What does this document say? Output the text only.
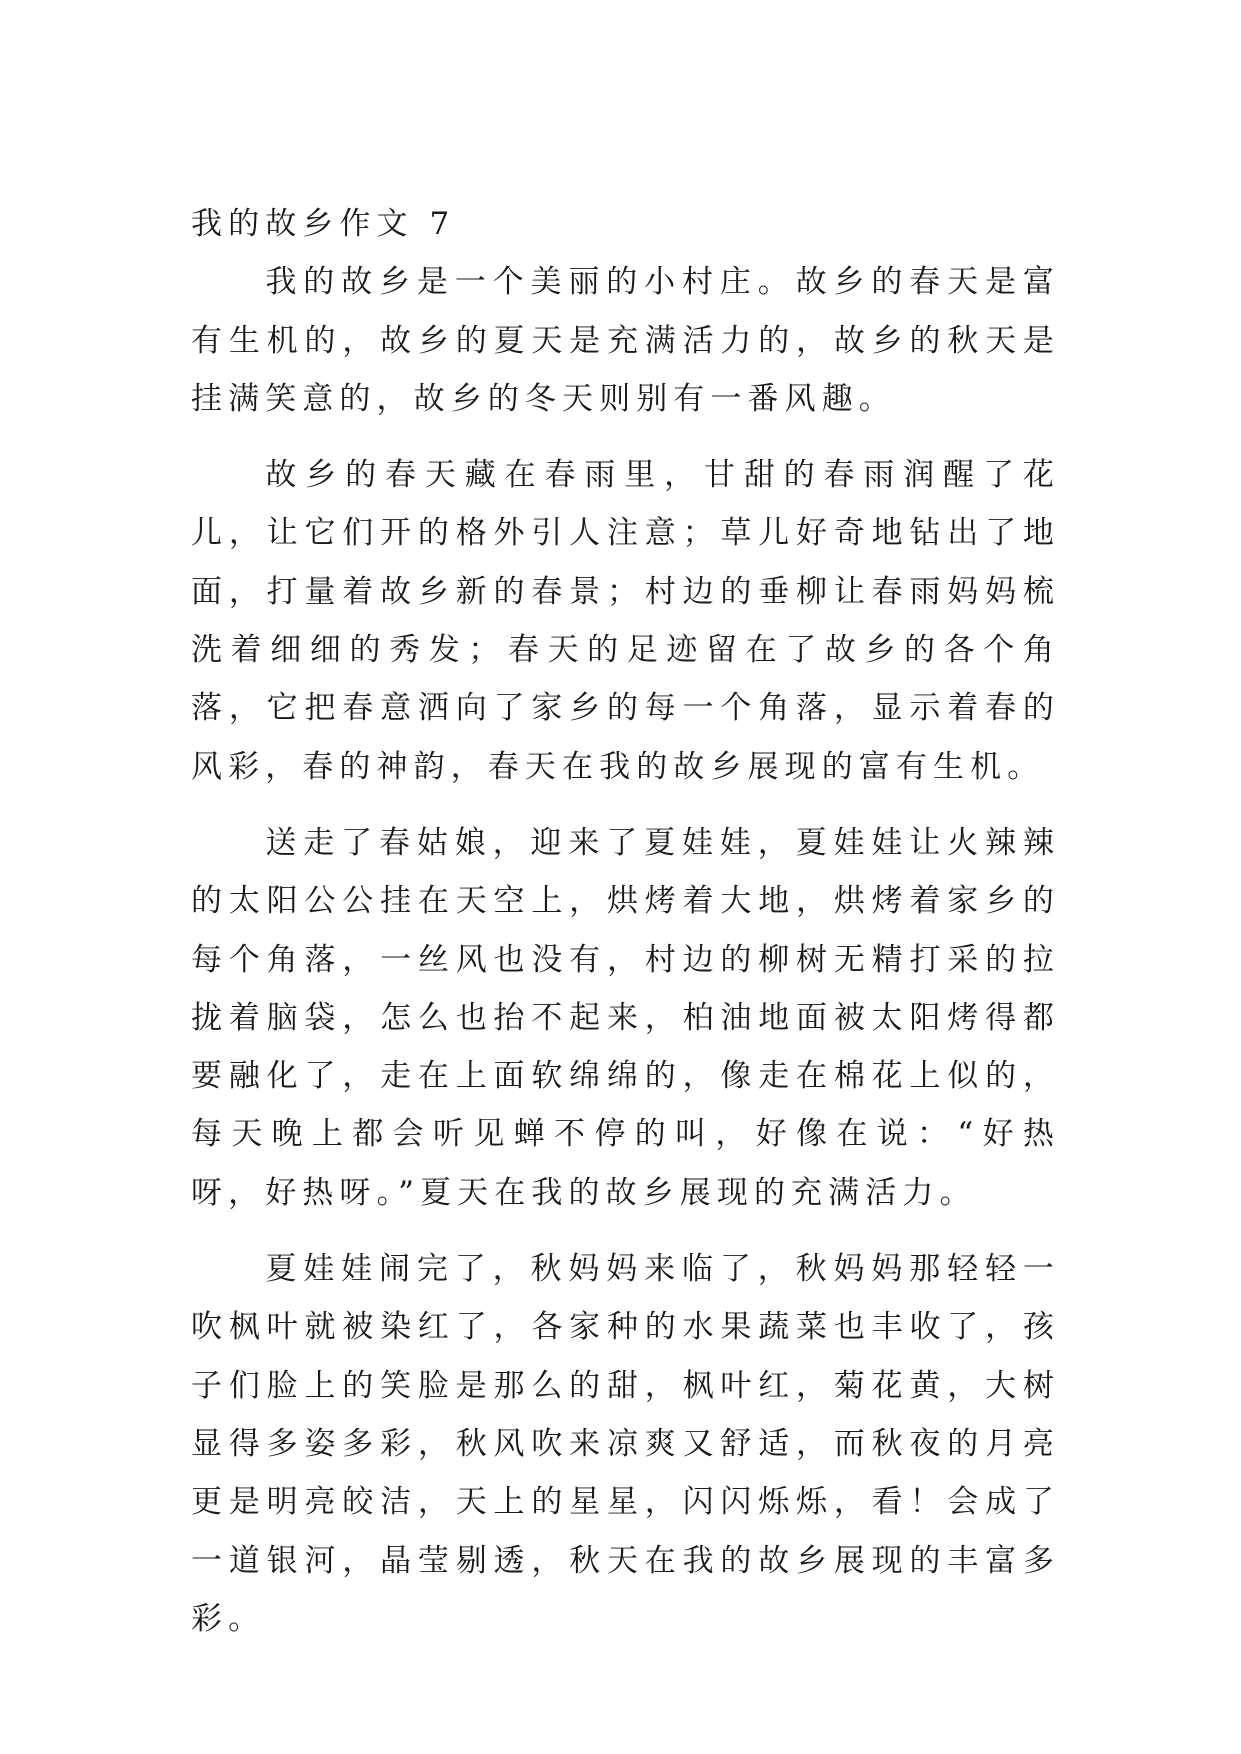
我的故乡作文 7

我的故乡是一个美丽的小村庄。故乡的春天是富有生机的，故乡的夏天是充满活力的，故乡的秋天是挂满笑意的，故乡的冬天则别有一番风趣。

故乡的春天藏在春雨里，甘甜的春雨润醒了花儿，让它们开的格外引人注意；草儿好奇地钻出了地面，打量着故乡新的春景；村边的垂柳让春雨妈妈梳洗着细细的秀发；春天的足迹留在了故乡的各个角落，它把春意洒向了家乡的每一个角落，显示着春的风彩，春的神韵，春天在我的故乡展现的富有生机。

送走了春姑娘，迎来了夏娃娃，夏娃娃让火辣辣的太阳公公挂在天空上，烘烤着大地，烘烤着家乡的每个角落，一丝风也没有，村边的柳树无精打采的拉拢着脑袋，怎么也抬不起来，柏油地面被太阳烤得都要融化了，走在上面软绵绵的，像走在棉花上似的，每天晚上都会听见蝉不停的叫，好像在说：“好热呀，好热呀。”夏天在我的故乡展现的充满活力。

夏娃娃闹完了，秋妈妈来临了，秋妈妈那轻轻一吹枫叶就被染红了，各家种的水果蔬菜也丰收了，孩子们脸上的笑脸是那么的甜，枫叶红，菊花黄，大树显得多姿多彩，秋风吹来凉爽又舒适，而秋夜的月亮更是明亮皎洁，天上的星星，闪闪烁烁，看！会成了一道银河，晶莹剔透，秋天在我的故乡展现的丰富多彩。
